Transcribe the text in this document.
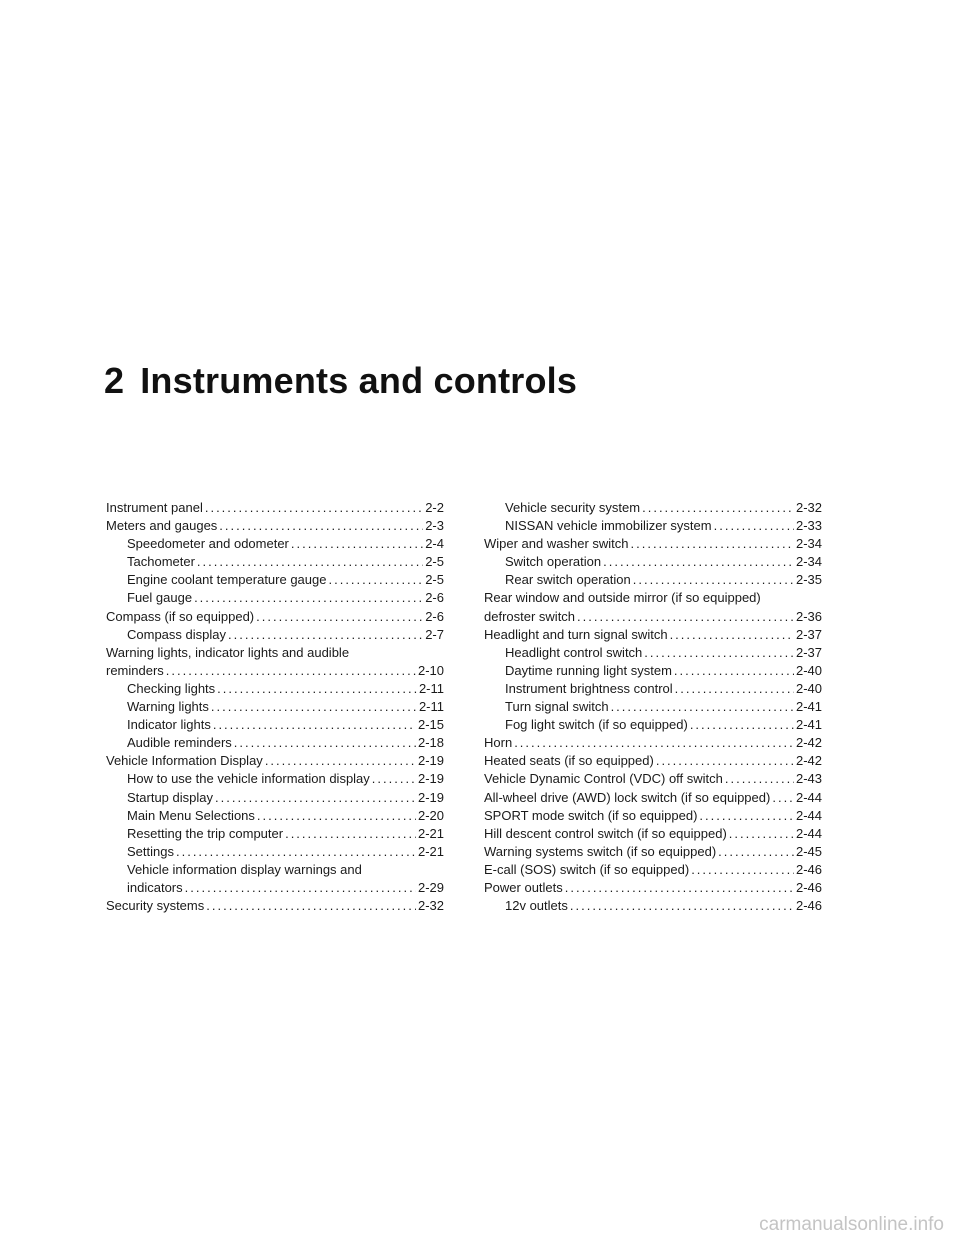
2 Instruments and controls
Instrument panel .....	2-2
Meters and gauges .....	2-3
Speedometer and odometer .....	2-4
Tachometer .....	2-5
Engine coolant temperature gauge .....	2-5
Fuel gauge .....	2-6
Compass (if so equipped) .....	2-6
Compass display .....	2-7
Warning lights, indicator lights and audible
reminders .....	2-10
Checking lights .....	2-11
Warning lights .....	2-11
Indicator lights .....	2-15
Audible reminders .....	2-18
Vehicle Information Display .....	2-19
How to use the vehicle information display .....	2-19
Startup display .....	2-19
Main Menu Selections .....	2-20
Resetting the trip computer .....	2-21
Settings .....	2-21
Vehicle information display warnings and
indicators .....	2-29
Security systems .....	2-32
Vehicle security system .....	2-32
NISSAN vehicle immobilizer system .....	2-33
Wiper and washer switch .....	2-34
Switch operation .....	2-34
Rear switch operation .....	2-35
Rear window and outside mirror (if so equipped)
defroster switch .....	2-36
Headlight and turn signal switch .....	2-37
Headlight control switch .....	2-37
Daytime running light system .....	2-40
Instrument brightness control .....	2-40
Turn signal switch .....	2-41
Fog light switch (if so equipped) .....	2-41
Horn .....	2-42
Heated seats (if so equipped) .....	2-42
Vehicle Dynamic Control (VDC) off switch .....	2-43
All-wheel drive (AWD) lock switch (if so equipped) ..... 2-44
SPORT mode switch (if so equipped) .....	2-44
Hill descent control switch (if so equipped) .....	2-44
Warning systems switch (if so equipped) .....	2-45
E-call (SOS) switch (if so equipped) .....	2-46
Power outlets .....	2-46
12v outlets .....	2-46
carmanualsonline.info
